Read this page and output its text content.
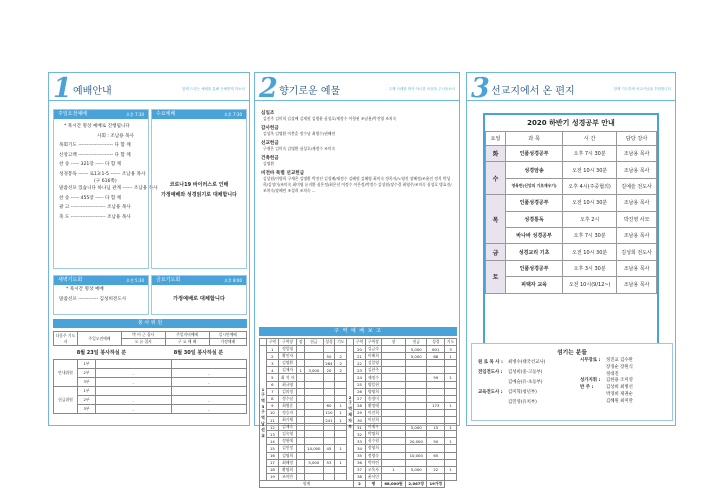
1 예배안내	함께 드리는 예배를 통해 은혜받게 하소서
주일오전예배	오후 7:30
* 묵시간 명상 예배로 진행됩니다
사회 : 조남용 목사
목회기도 --------------------- 다 함 께
신앙고백 --------------------- 다 함 께
찬 송 ----- 321장 ----- 다 함 께
성경봉독 ------ 로13:1-5 ------ 조남용 목사
(구 616쪽)
말씀선포 있습니다 하나님 관계 ------ 조남용 목사
찬 송 ----- 455장 ----- 다 함 께
광 고 --------------------- 조남용 목사
축 도 --------------------- 조남용 목사
수요예배	오후 7:30
코로나19 바이러스로 인해
가정예배와 성경읽기로 대체합니다
새벽기도회	오전 5:30
* 묵시간 명상 예배
말씀선포 ------------ 김성희전도사
금요기도회	오후 8:00
가정예배로 대체합니다
봉 사 위 원
다음주 기도자	주일오전예배	박 이 근 집사	주일저녁예배	김시안예배
		오 유 집사	구 요 예 배	가정예배
8월 23일 봉사하실 분	8월 30일 봉사하실 분
안내위원	1부		
	2부	-	-
	3부	-	-
헌금위원	1부		
	2부	-	-
	3부	-	-
2 향기로운 예물	주께 사례를 받지 아니한 마음을 주시옵소서
십일조
김진주 김미희 김상배 김재원 김병윤 심성호/제정수 이형권 조남용/박진영 조치숙
감사헌금
김성옥 김명환 이봉훈 정수남 최병수/권혜연
선교헌금
구재은 김미숙 김명환 심성호/제정수 조미숙
건축헌금
김명환
비전바 특별 선교헌금
김상원/이병희 구재은 김명환 박진선 김성배/제정수 김혜원 김혜영 최미숙 정옥자/노영진 장혜정/조윤진 정석 박성희/김성미/조미숙 최미영 유지환 심은정/최은선 이정수 이은정/박정수 김상원/장수경 최영주/조미숙 심성호 방효진/조치숙/장혜린 조성희 조치숙 ...
구 역 예 배 보 고
	구역	구역장	장	헌금	성경	기도		구역	구역장	장	헌금	성경	기도
1구역 3구역 남선교	1	정일영					2구역 제자부	20	김금숙		5,000	601	3
	2	황인자			50	2		21	이해희		5,000	68	1
	3	김명환			264	2		22	김일영				
	4	김재자	1	3,000	20	2		23	김찬주				
	5	최 석 자						24	제정수			59	1
	6	최규영						25	양일현				
	7	김의정						26	양명희				
	8	정수남						27	송정미				
	9	최병준			60	1		28	황정애			173	1
	10	정승자			110	1		29	이진희				
	11	최기채			241	1		30	이선희				
	12	김재숙						31	이재우		5,000	15	1
	13	김숙영						32	박명희				
	14	정원애						33	심수원		20,000	50	1
	15	김민정		10,000	45	1		34	정영희				
	16	김명희						35	정영숙		10,000	65	
	17	최해정		5,000	53	1		36	박미련				
	18	황명희						37	오옥자	1	5,000	22	1
	19	조미란						38	윤서민				
합계								2	명	68,000원	2,067장	19가정	
3 선교지에서 온 편지	함께 기도하며 선교사님을 후원합니다
2020 하반기 성경공부 안내
요일	과 목	시 간	담당 강사
화	인품성경공부	오후 7시 30분	조남용 목사
수	성경암송	오전 10시 30분	조남용 목사
	영육반(신앙의 기초재우기)	오후 4시(주중협의)	김예슬 전도사
목	인품성경공부	오전 10시 30분	조남용 목사
	성경통독	오후 2시	박진영 사모
	바나바 성경공부	오후 7시 30분	조남용 목사
금	성경교리 기초	오전 10시 30분	김성희 전도사
토	인품성경공부	오후 3시 30분	조남용 목사
	피택자 교육	오전 10시(9/12~)	조남용 목사
섬기는 분들
원 로 목 사 : 최병수(태국선교사)
전임전도사 : 김성희(중·고등부)
김예슬(유·초등부)
교육전도사 : 김미혁(청년부)
김민영(유치부)
시무장로 : 정진교 김수완
장경순 장원식
정대진
성가지휘 : 김한용 조미영
반 주 :	김상희 최병선
박경희 제권순
김혜원 최미란
